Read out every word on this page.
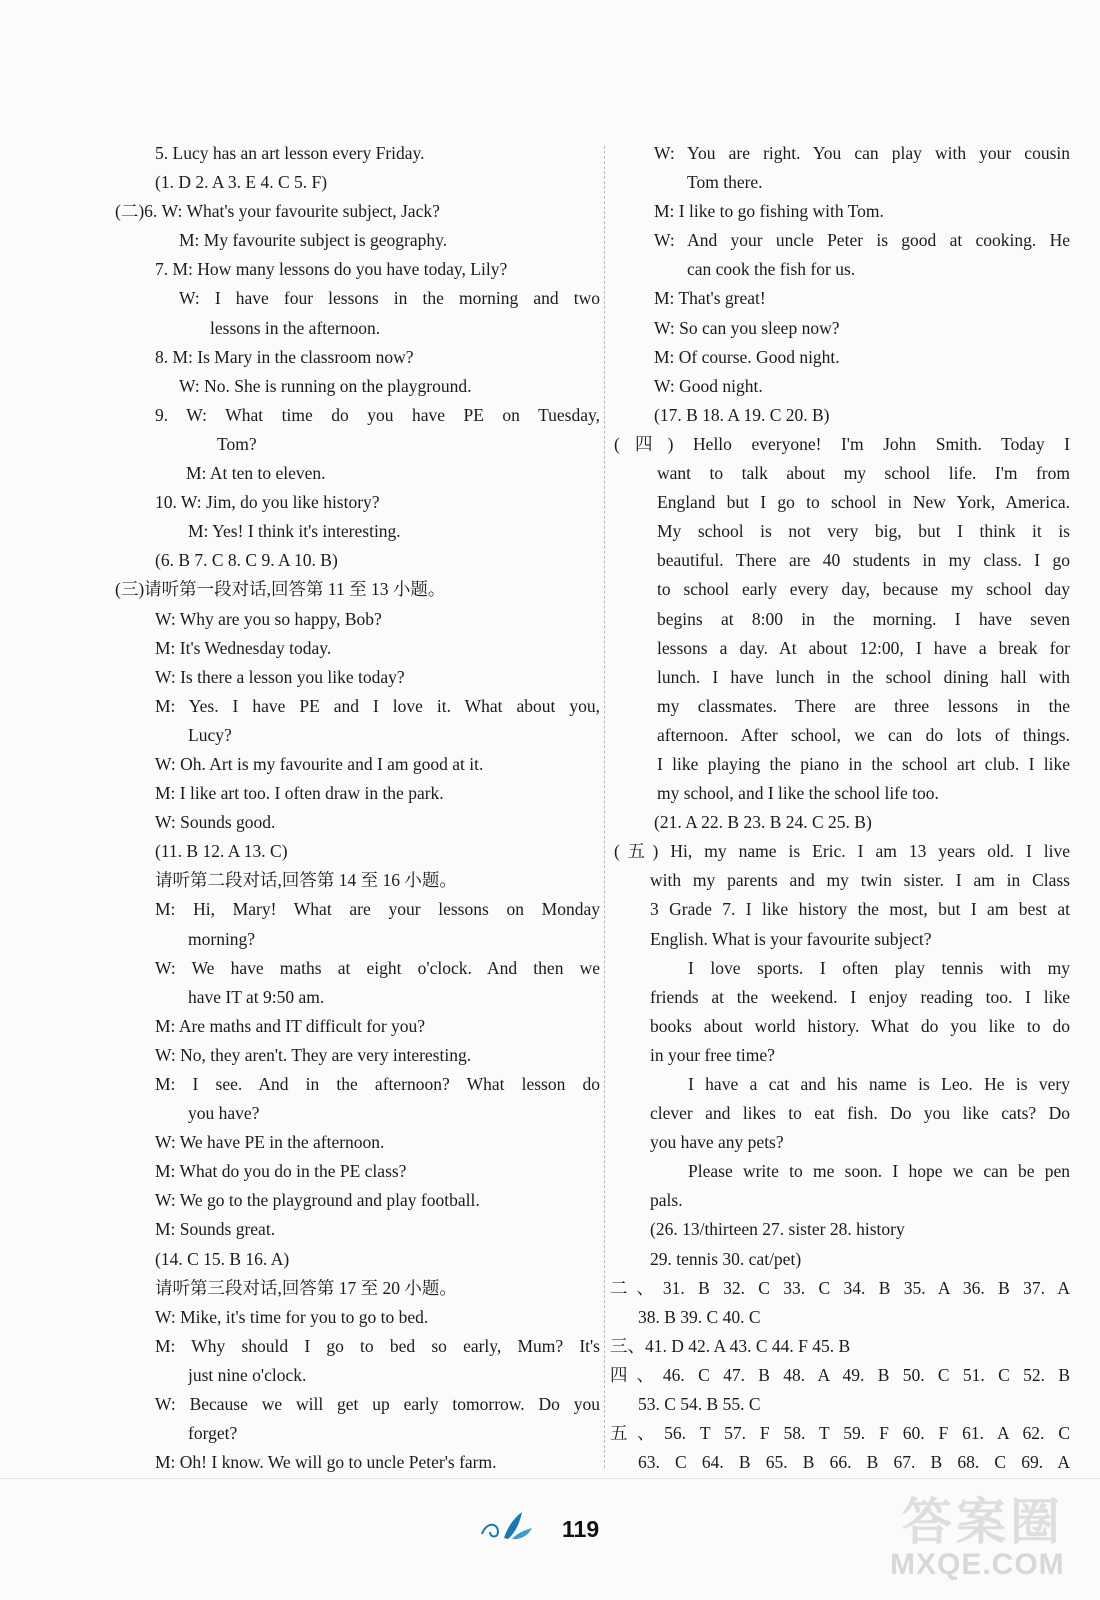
5. Lucy has an art lesson every Friday.
(1. D 2. A 3. E 4. C 5. F)
(二)6. W: What's your favourite subject, Jack?
M: My favourite subject is geography.
7. M: How many lessons do you have today, Lily?
W: I have four lessons in the morning and two
lessons in the afternoon.
8. M: Is Mary in the classroom now?
W: No. She is running on the playground.
9. W: What time do you have PE on Tuesday,
Tom?
M: At ten to eleven.
10. W: Jim, do you like history?
M: Yes! I think it's interesting.
(6. B 7. C 8. C 9. A 10. B)
(三)请听第一段对话,回答第 11 至 13 小题。
W: Why are you so happy, Bob?
M: It's Wednesday today.
W: Is there a lesson you like today?
M: Yes. I have PE and I love it. What about you,
Lucy?
W: Oh. Art is my favourite and I am good at it.
M: I like art too. I often draw in the park.
W: Sounds good.
(11. B 12. A 13. C)
请听第二段对话,回答第 14 至 16 小题。
M: Hi, Mary! What are your lessons on Monday
morning?
W: We have maths at eight o'clock. And then we
have IT at 9:50 am.
M: Are maths and IT difficult for you?
W: No, they aren't. They are very interesting.
M: I see. And in the afternoon? What lesson do
you have?
W: We have PE in the afternoon.
M: What do you do in the PE class?
W: We go to the playground and play football.
M: Sounds great.
(14. C 15. B 16. A)
请听第三段对话,回答第 17 至 20 小题。
W: Mike, it's time for you to go to bed.
M: Why should I go to bed so early, Mum? It's
just nine o'clock.
W: Because we will get up early tomorrow. Do you
forget?
M: Oh! I know. We will go to uncle Peter's farm.
W: You are right. You can play with your cousin
Tom there.
M: I like to go fishing with Tom.
W: And your uncle Peter is good at cooking. He
can cook the fish for us.
M: That's great!
W: So can you sleep now?
M: Of course. Good night.
W: Good night.
(17. B 18. A 19. C 20. B)
(四) Hello everyone! I'm John Smith. Today I
want to talk about my school life. I'm from
England but I go to school in New York, America.
My school is not very big, but I think it is
beautiful. There are 40 students in my class. I go
to school early every day, because my school day
begins at 8:00 in the morning. I have seven
lessons a day. At about 12:00, I have a break for
lunch. I have lunch in the school dining hall with
my classmates. There are three lessons in the
afternoon. After school, we can do lots of things.
I like playing the piano in the school art club. I like
my school, and I like the school life too.
(21. A 22. B 23. B 24. C 25. B)
(五) Hi, my name is Eric. I am 13 years old. I live
with my parents and my twin sister. I am in Class
3 Grade 7. I like history the most, but I am best at
English. What is your favourite subject?
I love sports. I often play tennis with my
friends at the weekend. I enjoy reading too. I like
books about world history. What do you like to do
in your free time?
I have a cat and his name is Leo. He is very
clever and likes to eat fish. Do you like cats? Do
you have any pets?
Please write to me soon. I hope we can be pen
pals.
(26. 13/thirteen 27. sister 28. history
29. tennis 30. cat/pet)
二、31. B 32. C 33. C 34. B 35. A 36. B 37. A
38. B 39. C 40. C
三、41. D 42. A 43. C 44. F 45. B
四、46. C 47. B 48. A 49. B 50. C 51. C 52. B
53. C 54. B 55. C
五、56. T 57. F 58. T 59. F 60. F 61. A 62. C
63. C 64. B 65. B 66. B 67. B 68. C 69. A
119	答案圈
MXQE.COM
